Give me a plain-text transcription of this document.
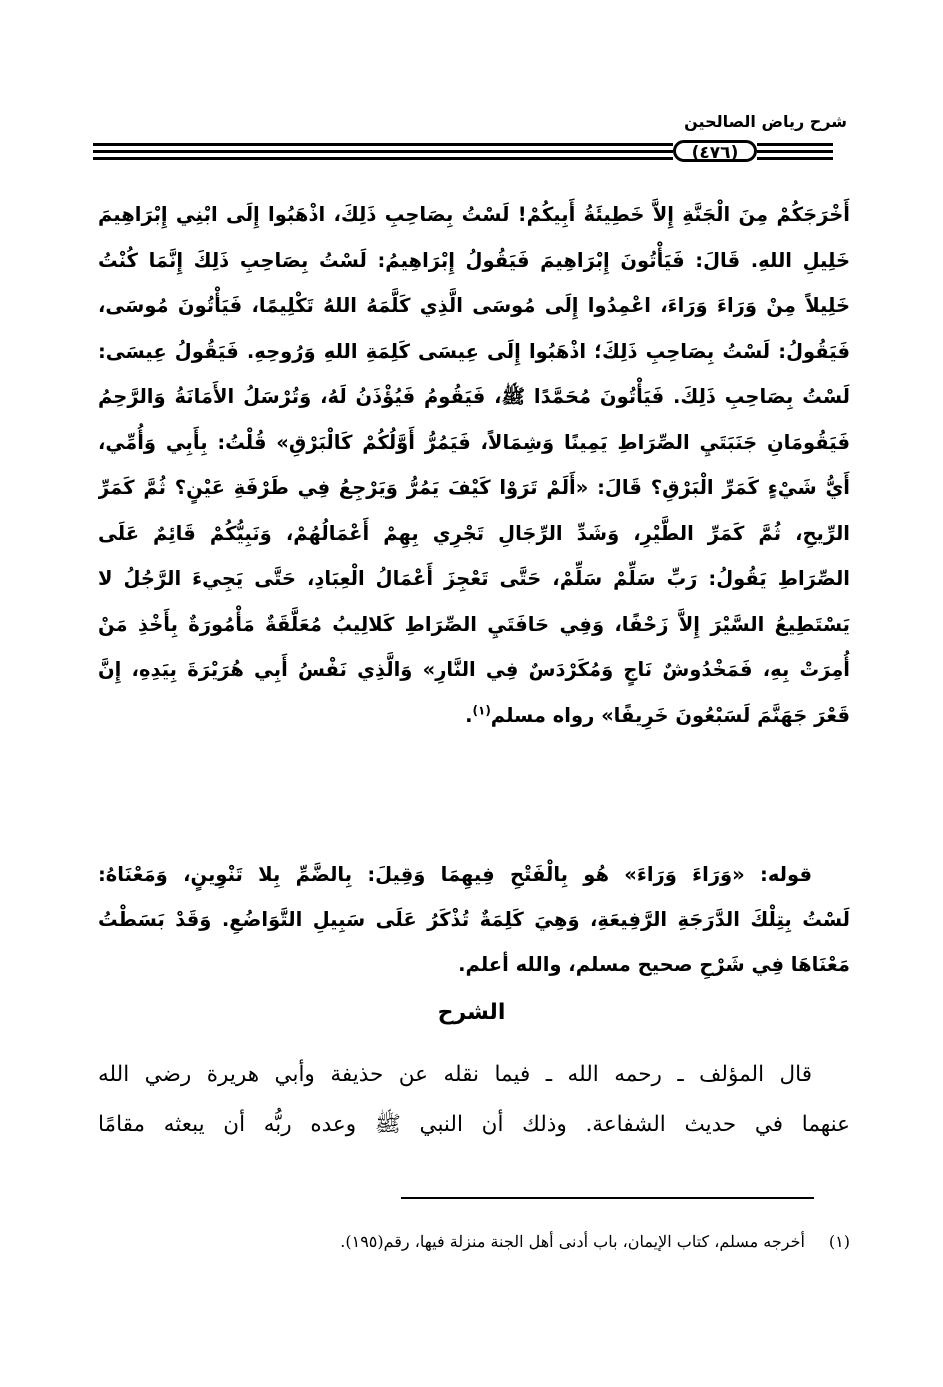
شرح رياض الصالحين
(٤٧٦)
أَخْرَجَكُمْ مِنَ الْجَنَّةِ إِلاَّ خَطِيئَةُ أَبِيكُمْ! لَسْتُ بِصَاحِبِ ذَلِكَ، اذْهَبُوا إِلَى ابْنِي إِبْرَاهِيمَ
خَلِيلِ اللهِ. قَالَ: فَيَأْتُونَ إِبْرَاهِيمَ فَيَقُولُ إِبْرَاهِيمُ: لَسْتُ بِصَاحِبِ ذَلِكَ إِنَّمَا كُنْتُ
خَلِيلاً مِنْ وَرَاءَ وَرَاءَ، اعْمِدُوا إِلَى مُوسَى الَّذِي كَلَّمَهُ اللهُ تَكْلِيمًا، فَيَأْتُونَ مُوسَى،
فَيَقُولُ: لَسْتُ بِصَاحِبِ ذَلِكَ؛ اذْهَبُوا إِلَى عِيسَى كَلِمَةِ اللهِ وَرُوحِهِ. فَيَقُولُ عِيسَى:
لَسْتُ بِصَاحِبِ ذَلِكَ. فَيَأْتُونَ مُحَمَّدًا ﷺ، فَيَقُومُ فَيُؤْذَنُ لَهُ، وَتُرْسَلُ الأَمَانَةُ وَالرَّحِمُ
فَيَقُومَانِ جَنَبَتَيِ الصِّرَاطِ يَمِينًا وَشِمَالاً، فَيَمُرُّ أَوَّلُكُمْ كَالْبَرْقِ» قُلْتُ: بِأَبِي وَأُمِّي،
أَيُّ شَيْءٍ كَمَرِّ الْبَرْقِ؟ قَالَ: «أَلَمْ تَرَوْا كَيْفَ يَمُرُّ وَيَرْجِعُ فِي طَرْفَةِ عَيْنٍ؟ ثُمَّ كَمَرِّ
الرِّيحِ، ثُمَّ كَمَرِّ الطَّيْرِ، وَشَدِّ الرِّجَالِ تَجْرِي بِهِمْ أَعْمَالُهُمْ، وَنَبِيُّكُمْ قَائِمٌ عَلَى
الصِّرَاطِ يَقُولُ: رَبِّ سَلِّمْ سَلِّمْ، حَتَّى تَعْجِزَ أَعْمَالُ الْعِبَادِ، حَتَّى يَجِيءَ الرَّجُلُ لا
يَسْتَطِيعُ السَّيْرَ إِلاَّ زَحْفًا، وَفِي حَافَتَيِ الصِّرَاطِ كَلالِيبُ مُعَلَّقَةٌ مَأْمُورَةٌ بِأَخْذِ مَنْ
أُمِرَتْ بِهِ، فَمَخْدُوشٌ نَاجٍ وَمُكَرْدَسٌ فِي النَّارِ» وَالَّذِي نَفْسُ أَبِي هُرَيْرَةَ بِيَدِهِ، إِنَّ
قَعْرَ جَهَنَّمَ لَسَبْعُونَ خَرِيفًا» رواه مسلم$^{(١)}$.
قوله: «وَرَاءَ وَرَاءَ» هُو بِالْفَتْحِ فِيهِمَا وَقِيلَ: بِالضَّمِّ بِلا تَنْوِينٍ، وَمَعْنَاهُ:
لَسْتُ بِتِلْكَ الدَّرَجَةِ الرَّفِيعَةِ، وَهِيَ كَلِمَةٌ تُذْكَرُ عَلَى سَبِيلِ التَّوَاضُعِ. وَقَدْ بَسَطْتُ
مَعْنَاهَا فِي شَرْحِ صحيح مسلم، والله أعلم.
الشرح
قال المؤلف ـ رحمه الله ـ فيما نقله عن حذيفة وأبي هريرة رضي الله
عنهما في حديث الشفاعة. وذلك أن النبي ﷺ وعده ربُّه أن يبعثه مقامًا
(١)أخرجه مسلم، كتاب الإيمان، باب أدنى أهل الجنة منزلة فيها، رقم(١٩٥).
